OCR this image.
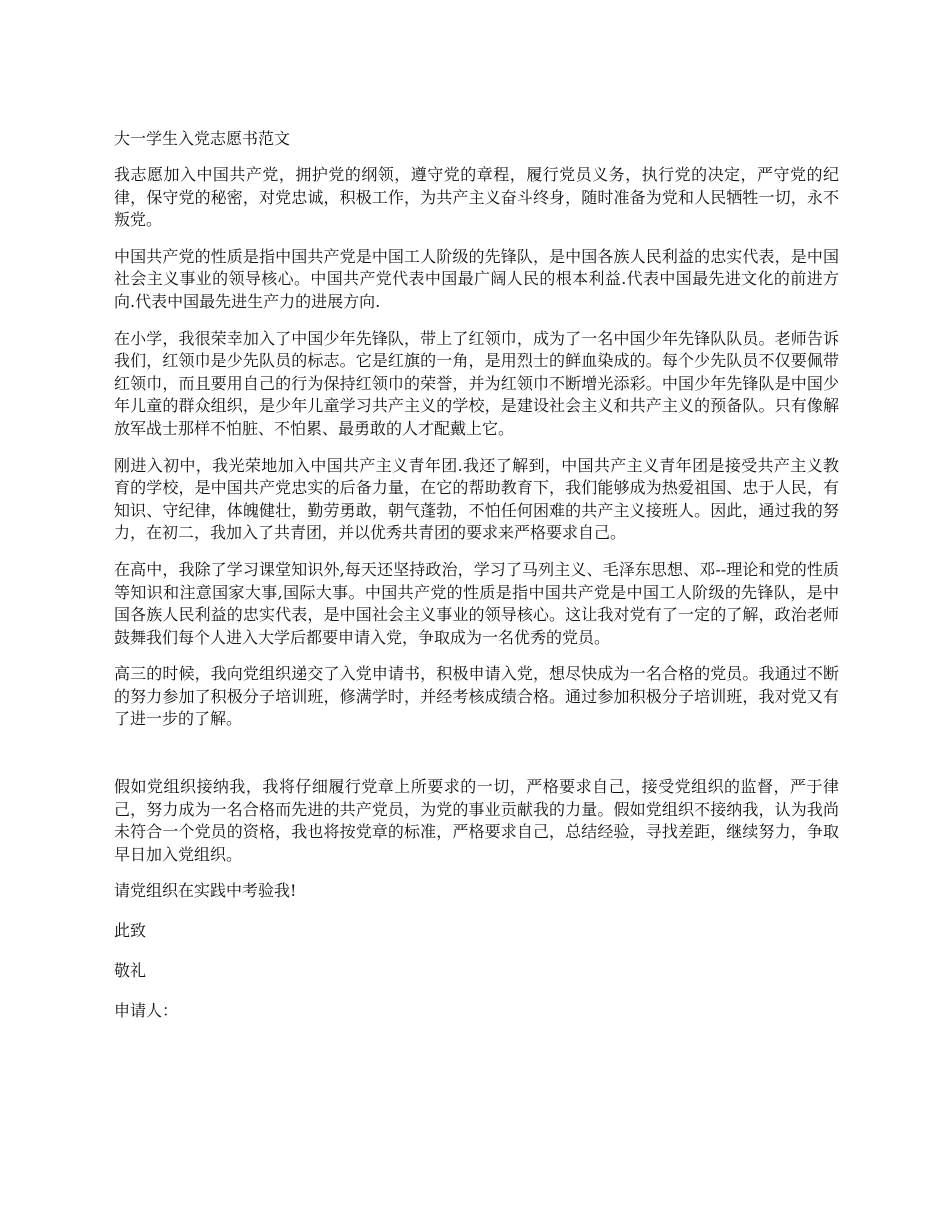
大一学生入党志愿书范文

我志愿加入中国共产党，拥护党的纲领，遵守党的章程，履行党员义务，执行党的决定，严守党的纪律，保守党的秘密，对党忠诚，积极工作，为共产主义奋斗终身，随时准备为党和人民牺牲一切，永不叛党。

中国共产党的性质是指中国共产党是中国工人阶级的先锋队，是中国各族人民利益的忠实代表，是中国社会主义事业的领导核心。中国共产党代表中国最广阔人民的根本利益.代表中国最先进文化的前进方向.代表中国最先进生产力的进展方向.

在小学，我很荣幸加入了中国少年先锋队，带上了红领巾，成为了一名中国少年先锋队队员。老师告诉我们，红领巾是少先队员的标志。它是红旗的一角，是用烈士的鲜血染成的。每个少先队员不仅要佩带红领巾，而且要用自己的行为保持红领巾的荣誉，并为红领巾不断增光添彩。中国少年先锋队是中国少年儿童的群众组织，是少年儿童学习共产主义的学校，是建设社会主义和共产主义的预备队。只有像解放军战士那样不怕脏、不怕累、最勇敢的人才配戴上它。

刚进入初中，我光荣地加入中国共产主义青年团.我还了解到，中国共产主义青年团是接受共产主义教育的学校，是中国共产党忠实的后备力量，在它的帮助教育下，我们能够成为热爱祖国、忠于人民，有知识、守纪律，体魄健壮，勤劳勇敢，朝气蓬勃，不怕任何困难的共产主义接班人。因此，通过我的努力，在初二，我加入了共青团，并以优秀共青团的要求来严格要求自己。

在高中，我除了学习课堂知识外,每天还坚持政治，学习了马列主义、毛泽东思想、邓--理论和党的性质等知识和注意国家大事,国际大事。中国共产党的性质是指中国共产党是中国工人阶级的先锋队，是中国各族人民利益的忠实代表，是中国社会主义事业的领导核心。这让我对党有了一定的了解，政治老师鼓舞我们每个人进入大学后都要申请入党，争取成为一名优秀的党员。

高三的时候，我向党组织递交了入党申请书，积极申请入党，想尽快成为一名合格的党员。我通过不断的努力参加了积极分子培训班，修满学时，并经考核成绩合格。通过参加积极分子培训班，我对党又有了进一步的了解。

假如党组织接纳我，我将仔细履行党章上所要求的一切，严格要求自己，接受党组织的监督，严于律己，努力成为一名合格而先进的共产党员，为党的事业贡献我的力量。假如党组织不接纳我，认为我尚未符合一个党员的资格，我也将按党章的标准，严格要求自己，总结经验，寻找差距，继续努力，争取早日加入党组织。

请党组织在实践中考验我!
此致
敬礼
申请人：
